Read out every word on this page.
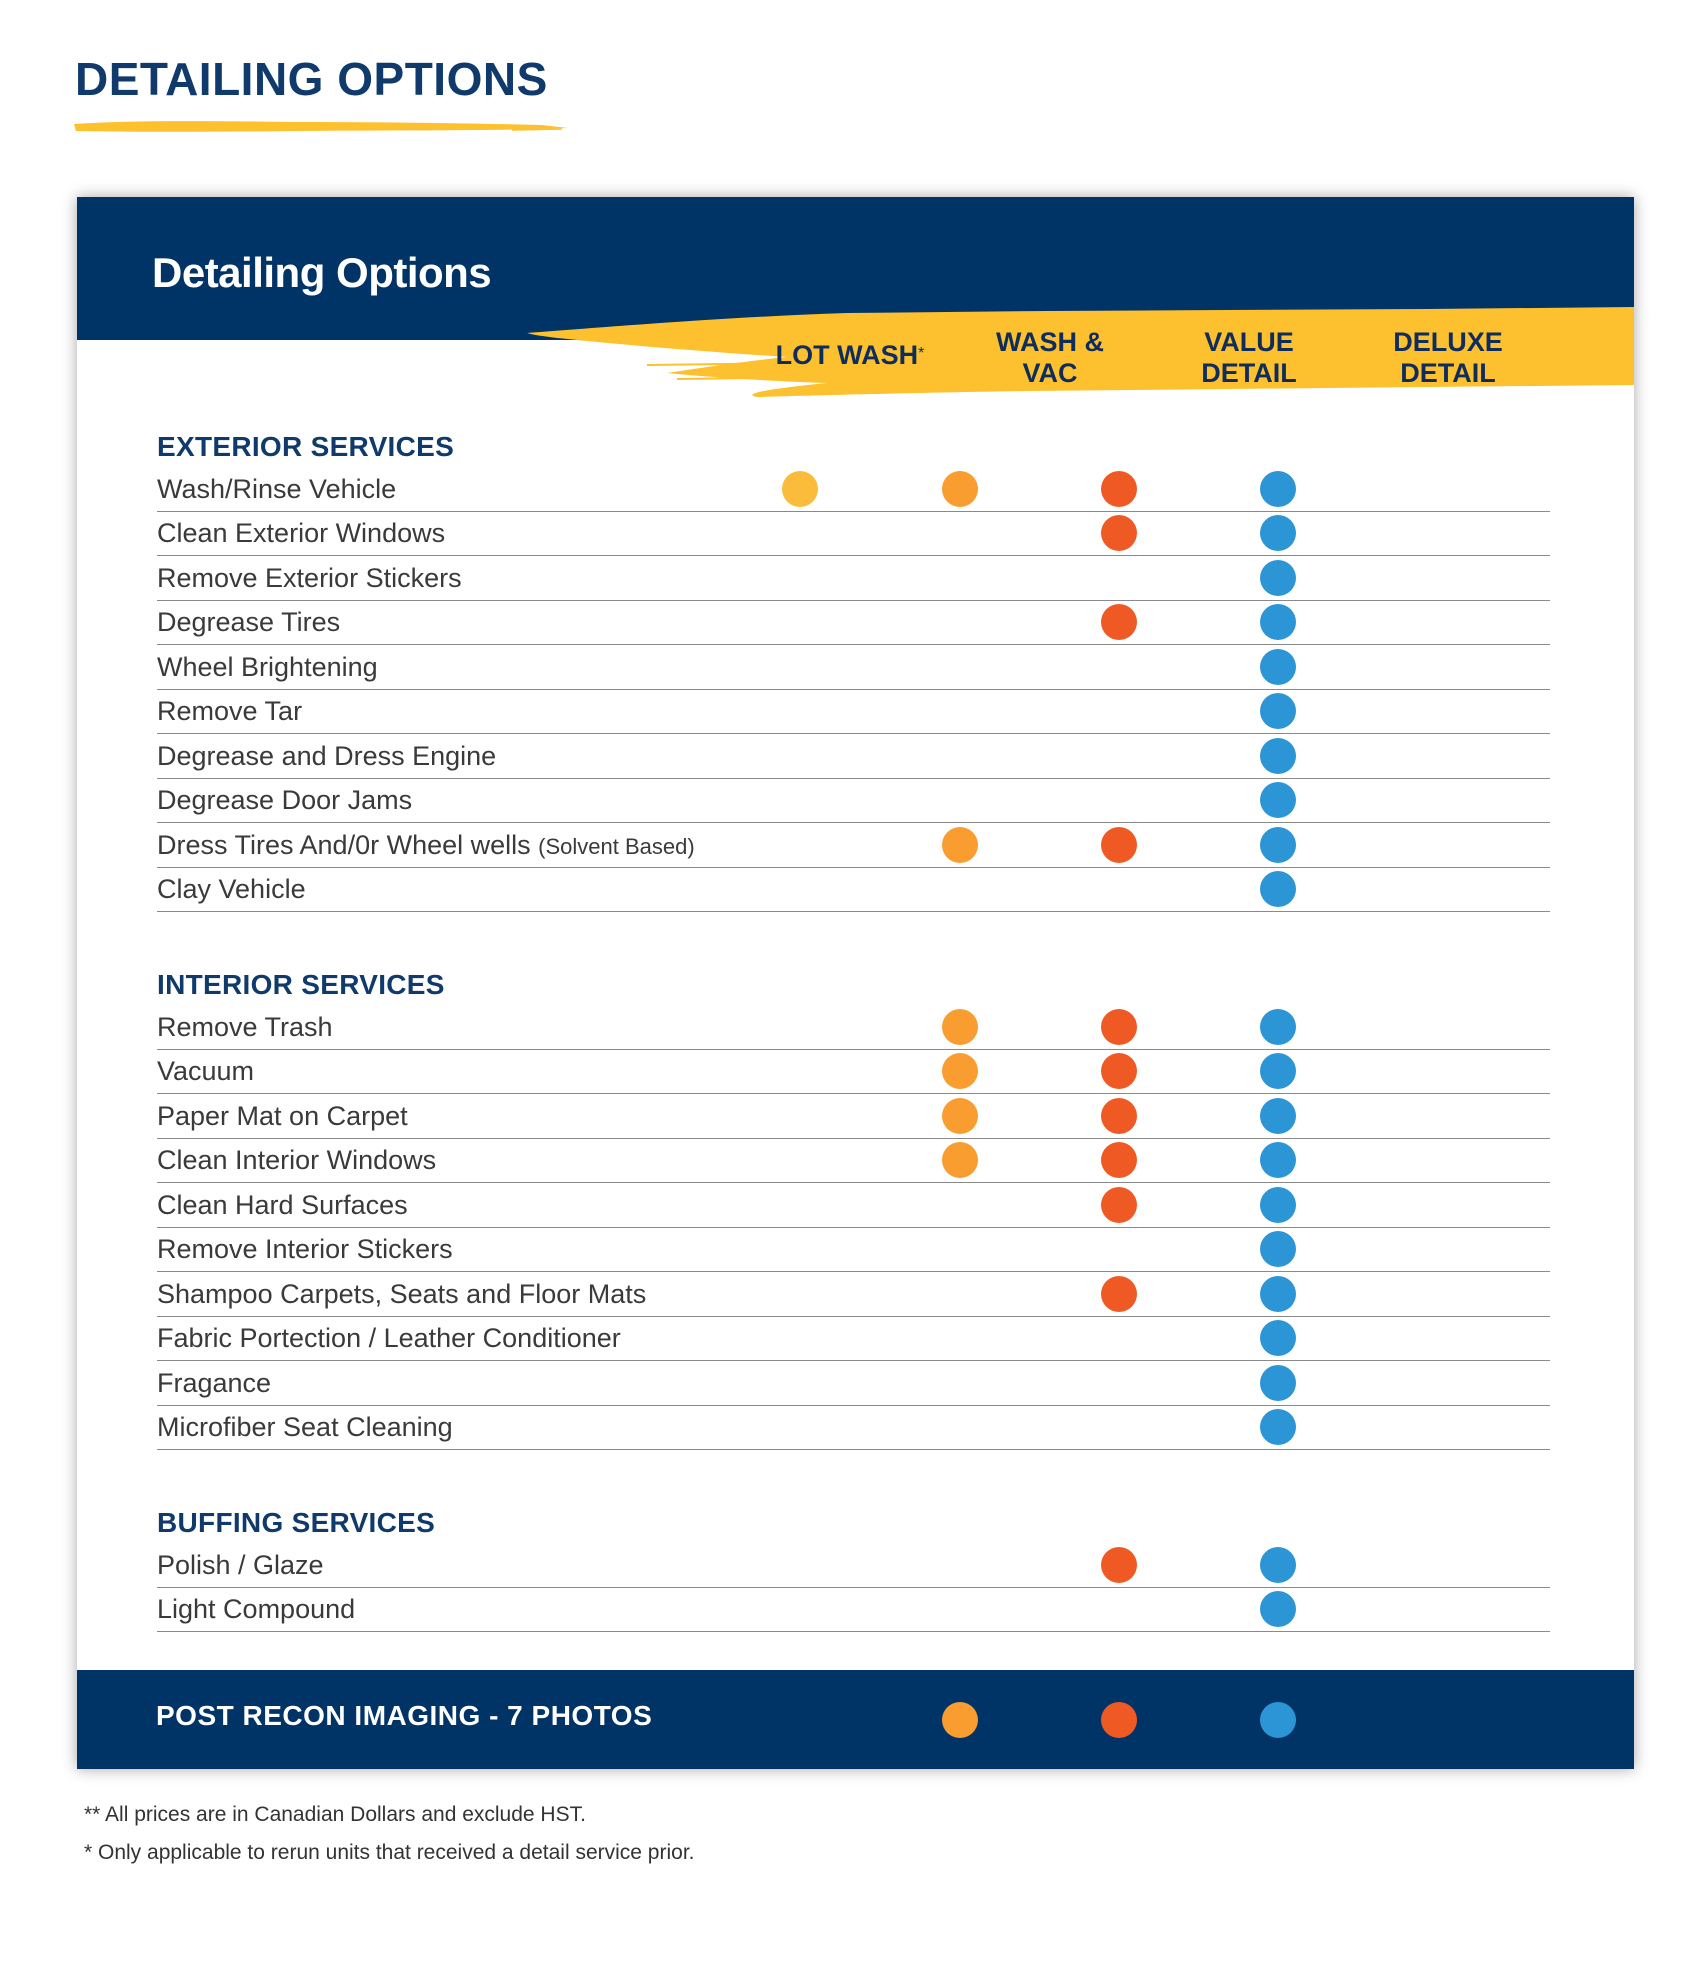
DETAILING OPTIONS
Detailing Options
LOT WASH*	WASH &
VAC
VALUE
DETAIL
DELUXE
DETAIL
EXTERIOR SERVICES
Wash/Rinse Vehicle
Clean Exterior Windows
Remove Exterior Stickers
Degrease Tires
Wheel Brightening
Remove Tar
Degrease and Dress Engine
Degrease Door Jams
Dress Tires And/0r Wheel wells (Solvent Based)
Clay Vehicle
INTERIOR SERVICES
Remove Trash
Vacuum
Paper Mat on Carpet
Clean Interior Windows
Clean Hard Surfaces
Remove Interior Stickers
Shampoo Carpets, Seats and Floor Mats
Fabric Portection / Leather Conditioner
Fragance
Microfiber Seat Cleaning
BUFFING SERVICES
Polish / Glaze
Light Compound
POST RECON IMAGING - 7 PHOTOS
** All prices are in Canadian Dollars and exclude HST.
* Only applicable to rerun units that received a detail service prior.
